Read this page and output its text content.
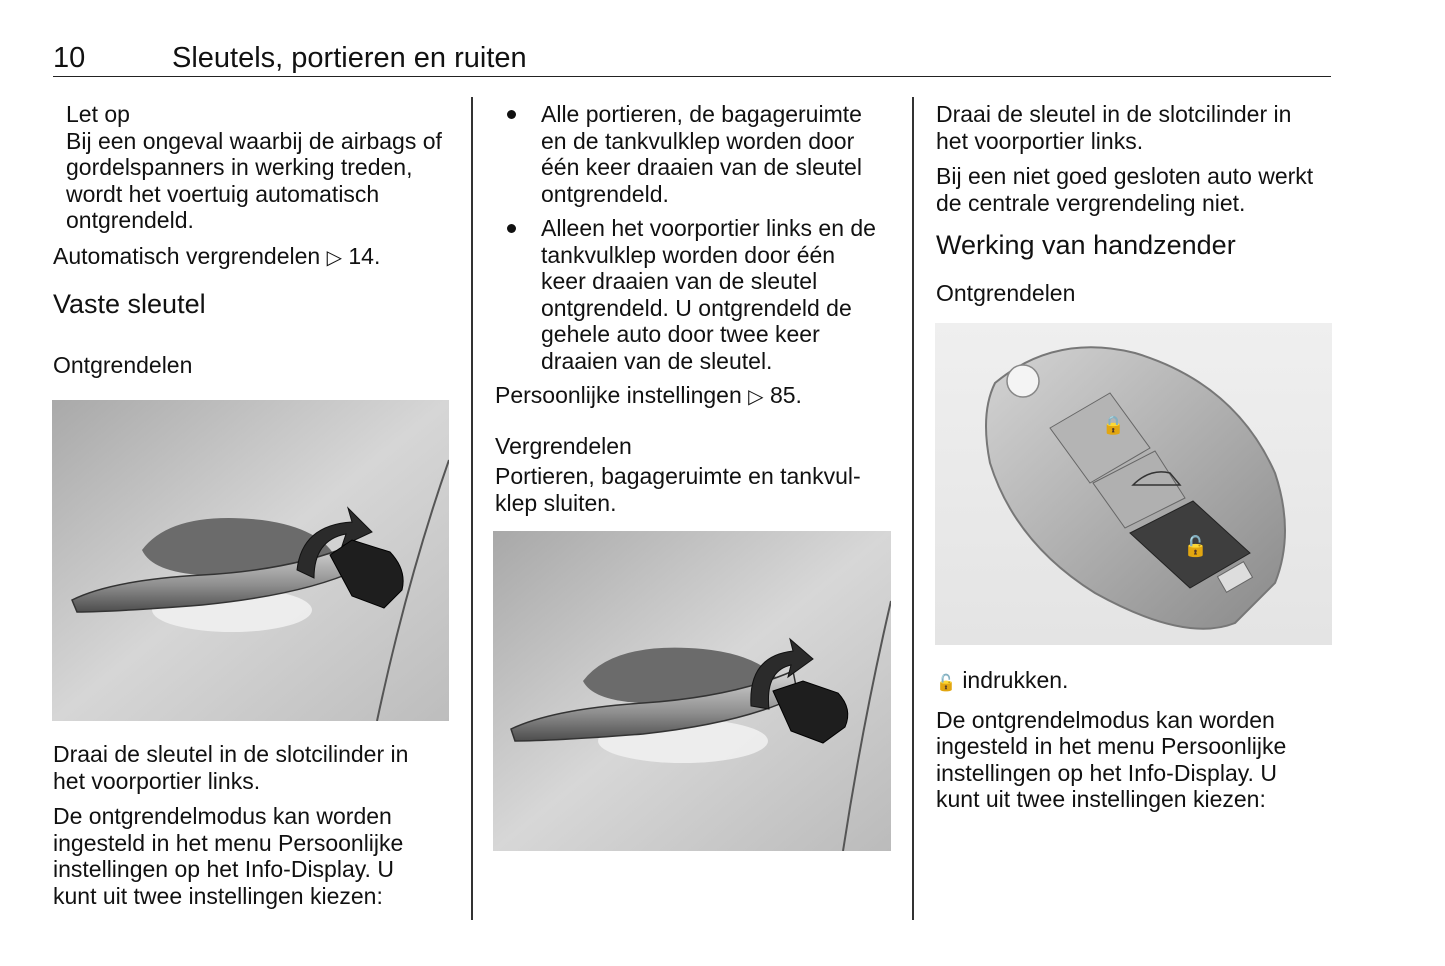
10	Sleutels, portieren en ruiten
Let op
Bij een ongeval waarbij de airbags of
gordelspanners in werking treden,
wordt het voertuig automatisch
ontgrendeld.
Automatisch vergrendelen ▷ 14.
Vaste sleutel
Ontgrendelen
Draai de sleutel in de slotcilinder in
het voorportier links.
De ontgrendelmodus kan worden
ingesteld in het menu Persoonlijke
instellingen op het Info-Display. U
kunt uit twee instellingen kiezen:
Alle portieren, de bagageruimte
en de tankvulklep worden door
één keer draaien van de sleutel
ontgrendeld.
Alleen het voorportier links en de
tankvulklep worden door één
keer draaien van de sleutel
ontgrendeld. U ontgrendeld de
gehele auto door twee keer
draaien van de sleutel.
Persoonlijke instellingen ▷ 85.
Vergrendelen
Portieren, bagageruimte en tankvul-
klep sluiten.
Draai de sleutel in de slotcilinder in
het voorportier links.
Bij een niet goed gesloten auto werkt
de centrale vergrendeling niet.
Werking van handzender
Ontgrendelen
🔒
🔓
🔓 indrukken.
De ontgrendelmodus kan worden
ingesteld in het menu Persoonlijke
instellingen op het Info-Display. U
kunt uit twee instellingen kiezen:
